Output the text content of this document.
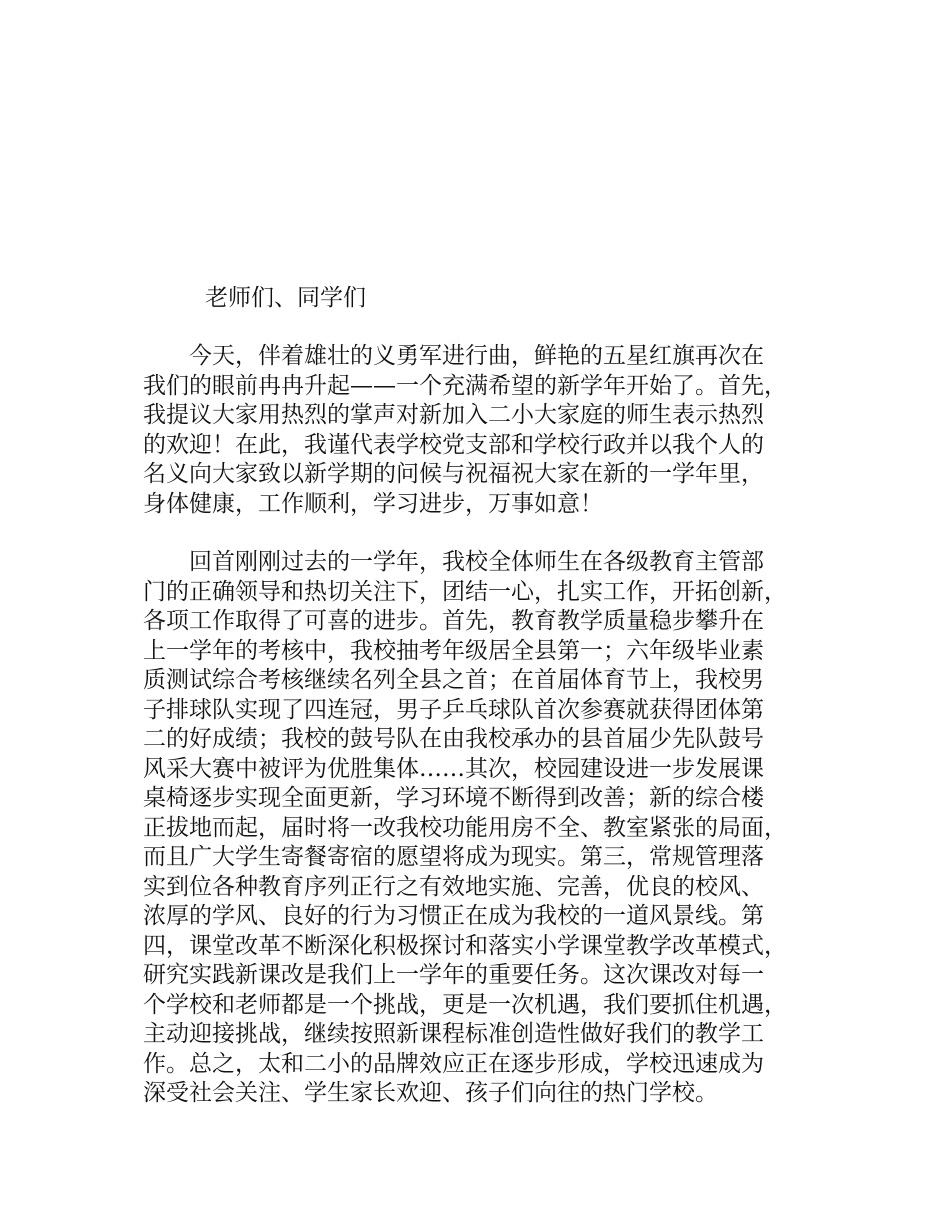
老师们、同学们
今天，伴着雄壮的义勇军进行曲，鲜艳的五星红旗再次在
我们的眼前冉冉升起——一个充满希望的新学年开始了。首先，
我提议大家用热烈的掌声对新加入二小大家庭的师生表示热烈
的欢迎！在此，我谨代表学校党支部和学校行政并以我个人的
名义向大家致以新学期的问候与祝福祝大家在新的一学年里，
身体健康，工作顺利，学习进步，万事如意！
回首刚刚过去的一学年，我校全体师生在各级教育主管部
门的正确领导和热切关注下，团结一心，扎实工作，开拓创新，
各项工作取得了可喜的进步。首先，教育教学质量稳步攀升在
上一学年的考核中，我校抽考年级居全县第一；六年级毕业素
质测试综合考核继续名列全县之首；在首届体育节上，我校男
子排球队实现了四连冠，男子乒乓球队首次参赛就获得团体第
二的好成绩；我校的鼓号队在由我校承办的县首届少先队鼓号
风采大赛中被评为优胜集体……其次，校园建设进一步发展课
桌椅逐步实现全面更新，学习环境不断得到改善；新的综合楼
正拔地而起，届时将一改我校功能用房不全、教室紧张的局面，
而且广大学生寄餐寄宿的愿望将成为现实。第三，常规管理落
实到位各种教育序列正行之有效地实施、完善，优良的校风、
浓厚的学风、良好的行为习惯正在成为我校的一道风景线。第
四，课堂改革不断深化积极探讨和落实小学课堂教学改革模式，
研究实践新课改是我们上一学年的重要任务。这次课改对每一
个学校和老师都是一个挑战，更是一次机遇，我们要抓住机遇，
主动迎接挑战，继续按照新课程标准创造性做好我们的教学工
作。总之，太和二小的品牌效应正在逐步形成，学校迅速成为
深受社会关注、学生家长欢迎、孩子们向往的热门学校。
